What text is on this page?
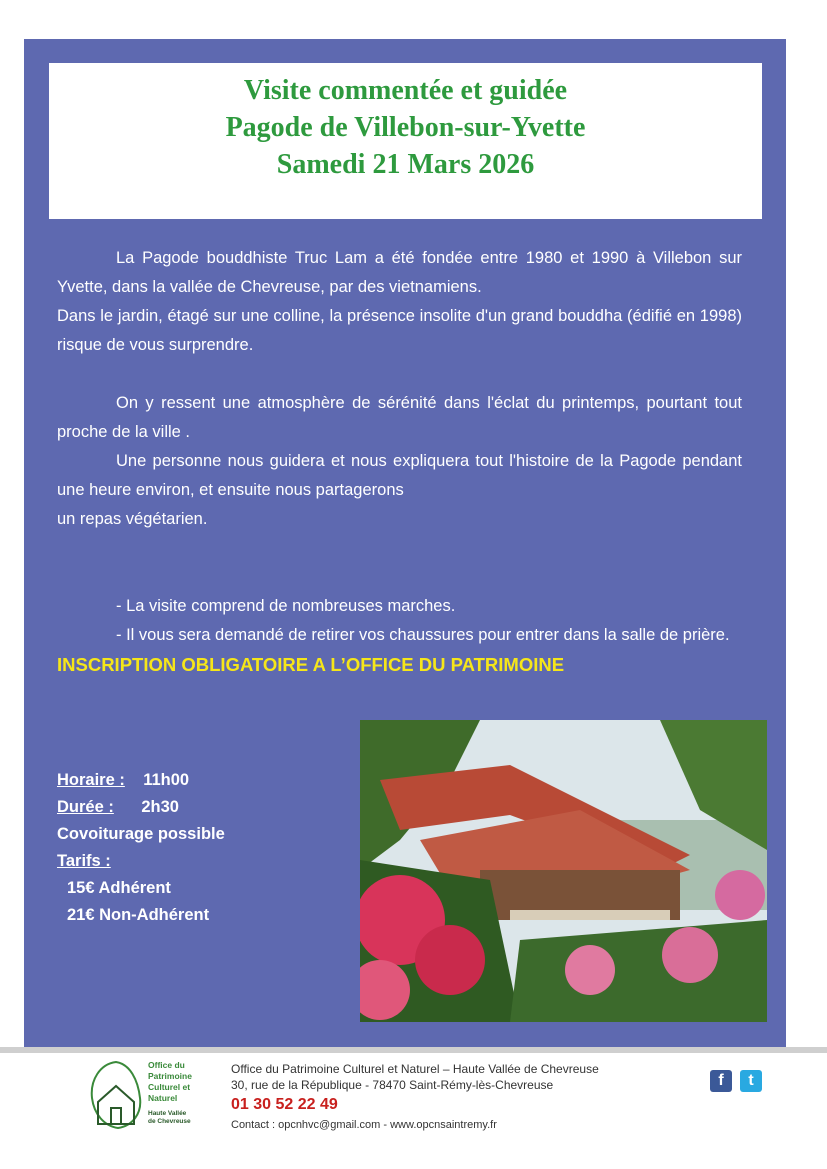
Visite commentée et guidée
Pagode de Villebon-sur-Yvette
Samedi 21 Mars 2026

La Pagode bouddhiste Truc Lam a été fondée entre 1980 et 1990 à Villebon sur Yvette, dans la vallée de Chevreuse, par des vietnamiens.

Dans le jardin, étagé sur une colline, la présence insolite d'un grand bouddha (édifié en 1998) risque de vous surprendre.

On y ressent une atmosphère de sérénité dans l'éclat du printemps, pourtant tout proche de la ville .

Une personne nous guidera et nous expliquera tout l'histoire de la Pagode pendant une heure environ, et ensuite nous partagerons

un repas végétarien.

- La visite comprend de nombreuses marches.

- Il vous sera demandé de retirer vos chaussures pour entrer dans la salle de prière.

INSCRIPTION OBLIGATOIRE A L’OFFICE DU PATRIMOINE

Horaire : 11h00
Durée : 2h30
Covoiturage possible
Tarifs :
15€ Adhérent
21€ Non-Adhérent
Office du
Patrimoine
Culturel et
Naturel
Haute Vallée
de Chevreuse
Office du Patrimoine Culturel et Naturel – Haute Vallée de Chevreuse
30, rue de la République - 78470 Saint-Rémy-lès-Chevreuse
01 30 52 22 49
Contact : opcnhvc@gmail.com - www.opcnsaintremy.fr
f	t
